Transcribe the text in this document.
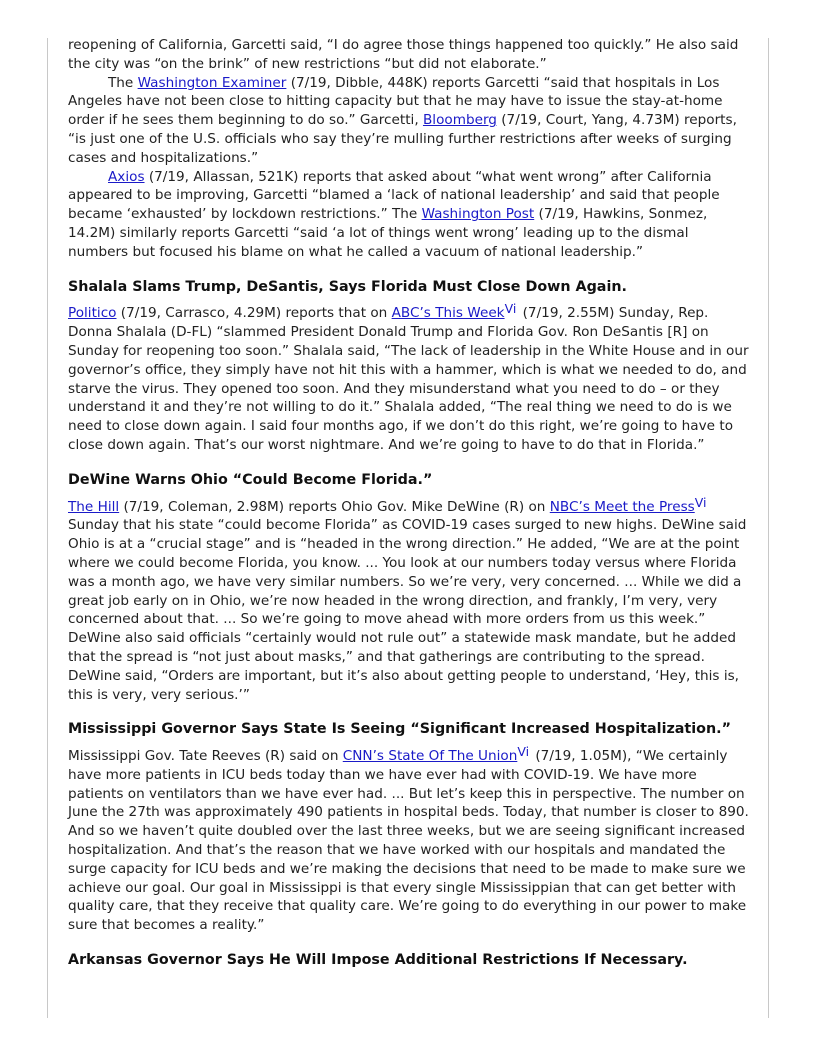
reopening of California, Garcetti said, “I do agree those things happened too quickly.” He also said the city was “on the brink” of new restrictions “but did not elaborate.”

The Washington Examiner (7/19, Dibble, 448K) reports Garcetti “said that hospitals in Los Angeles have not been close to hitting capacity but that he may have to issue the stay-at-home order if he sees them beginning to do so.” Garcetti, Bloomberg (7/19, Court, Yang, 4.73M) reports, “is just one of the U.S. officials who say they’re mulling further restrictions after weeks of surging cases and hospitalizations.”

Axios (7/19, Allassan, 521K) reports that asked about “what went wrong” after California appeared to be improving, Garcetti “blamed a ‘lack of national leadership’ and said that people became ‘exhausted’ by lockdown restrictions.” The Washington Post (7/19, Hawkins, Sonmez, 14.2M) similarly reports Garcetti “said ‘a lot of things went wrong’ leading up to the dismal numbers but focused his blame on what he called a vacuum of national leadership.”

Shalala Slams Trump, DeSantis, Says Florida Must Close Down Again.

Politico (7/19, Carrasco, 4.29M) reports that on ABC’s This Week$^{Vi}$ (7/19, 2.55M) Sunday, Rep. Donna Shalala (D-FL) “slammed President Donald Trump and Florida Gov. Ron DeSantis [R] on Sunday for reopening too soon.” Shalala said, “The lack of leadership in the White House and in our governor’s office, they simply have not hit this with a hammer, which is what we needed to do, and starve the virus. They opened too soon. And they misunderstand what you need to do – or they understand it and they’re not willing to do it.” Shalala added, “The real thing we need to do is we need to close down again. I said four months ago, if we don’t do this right, we’re going to have to close down again. That’s our worst nightmare. And we’re going to have to do that in Florida.”

DeWine Warns Ohio “Could Become Florida.”

The Hill (7/19, Coleman, 2.98M) reports Ohio Gov. Mike DeWine (R) on NBC’s Meet the Press$^{Vi}$ Sunday that his state “could become Florida” as COVID-19 cases surged to new highs. DeWine said Ohio is at a “crucial stage” and is “headed in the wrong direction.” He added, “We are at the point where we could become Florida, you know. ... You look at our numbers today versus where Florida was a month ago, we have very similar numbers. So we’re very, very concerned. ... While we did a great job early on in Ohio, we’re now headed in the wrong direction, and frankly, I’m very, very concerned about that. ... So we’re going to move ahead with more orders from us this week.” DeWine also said officials “certainly would not rule out” a statewide mask mandate, but he added that the spread is “not just about masks,” and that gatherings are contributing to the spread. DeWine said, “Orders are important, but it’s also about getting people to understand, ‘Hey, this is, this is very, very serious.’”

Mississippi Governor Says State Is Seeing “Significant Increased Hospitalization.”

Mississippi Gov. Tate Reeves (R) said on CNN’s State Of The Union$^{Vi}$ (7/19, 1.05M), “We certainly have more patients in ICU beds today than we have ever had with COVID-19. We have more patients on ventilators than we have ever had. ... But let’s keep this in perspective. The number on June the 27th was approximately 490 patients in hospital beds. Today, that number is closer to 890. And so we haven’t quite doubled over the last three weeks, but we are seeing significant increased hospitalization. And that’s the reason that we have worked with our hospitals and mandated the surge capacity for ICU beds and we’re making the decisions that need to be made to make sure we achieve our goal. Our goal in Mississippi is that every single Mississippian that can get better with quality care, that they receive that quality care. We’re going to do everything in our power to make sure that becomes a reality.”

Arkansas Governor Says He Will Impose Additional Restrictions If Necessary.
